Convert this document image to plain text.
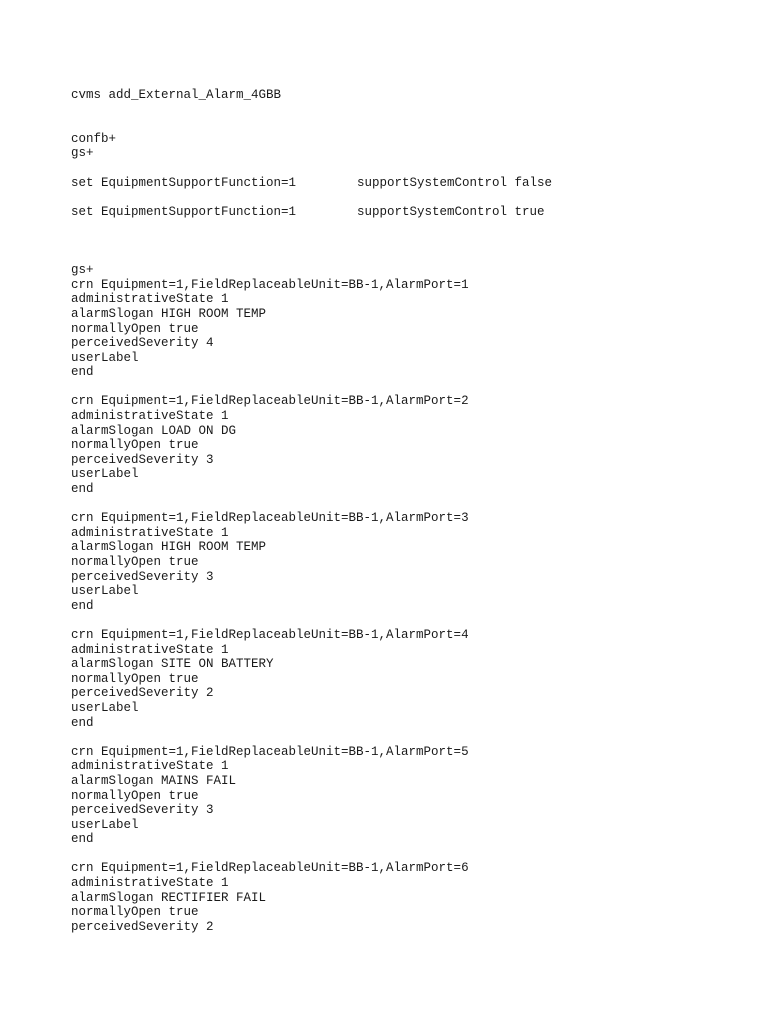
cvms add_External_Alarm_4GBB
confb+
gs+
set EquipmentSupportFunction=1	supportSystemControl false
set EquipmentSupportFunction=1	supportSystemControl true
gs+
crn Equipment=1,FieldReplaceableUnit=BB-1,AlarmPort=1
administrativeState 1
alarmSlogan HIGH ROOM TEMP
normallyOpen true
perceivedSeverity 4
userLabel
end
crn Equipment=1,FieldReplaceableUnit=BB-1,AlarmPort=2
administrativeState 1
alarmSlogan LOAD ON DG
normallyOpen true
perceivedSeverity 3
userLabel
end
crn Equipment=1,FieldReplaceableUnit=BB-1,AlarmPort=3
administrativeState 1
alarmSlogan HIGH ROOM TEMP
normallyOpen true
perceivedSeverity 3
userLabel
end
crn Equipment=1,FieldReplaceableUnit=BB-1,AlarmPort=4
administrativeState 1
alarmSlogan SITE ON BATTERY
normallyOpen true
perceivedSeverity 2
userLabel
end
crn Equipment=1,FieldReplaceableUnit=BB-1,AlarmPort=5
administrativeState 1
alarmSlogan MAINS FAIL
normallyOpen true
perceivedSeverity 3
userLabel
end
crn Equipment=1,FieldReplaceableUnit=BB-1,AlarmPort=6
administrativeState 1
alarmSlogan RECTIFIER FAIL
normallyOpen true
perceivedSeverity 2
